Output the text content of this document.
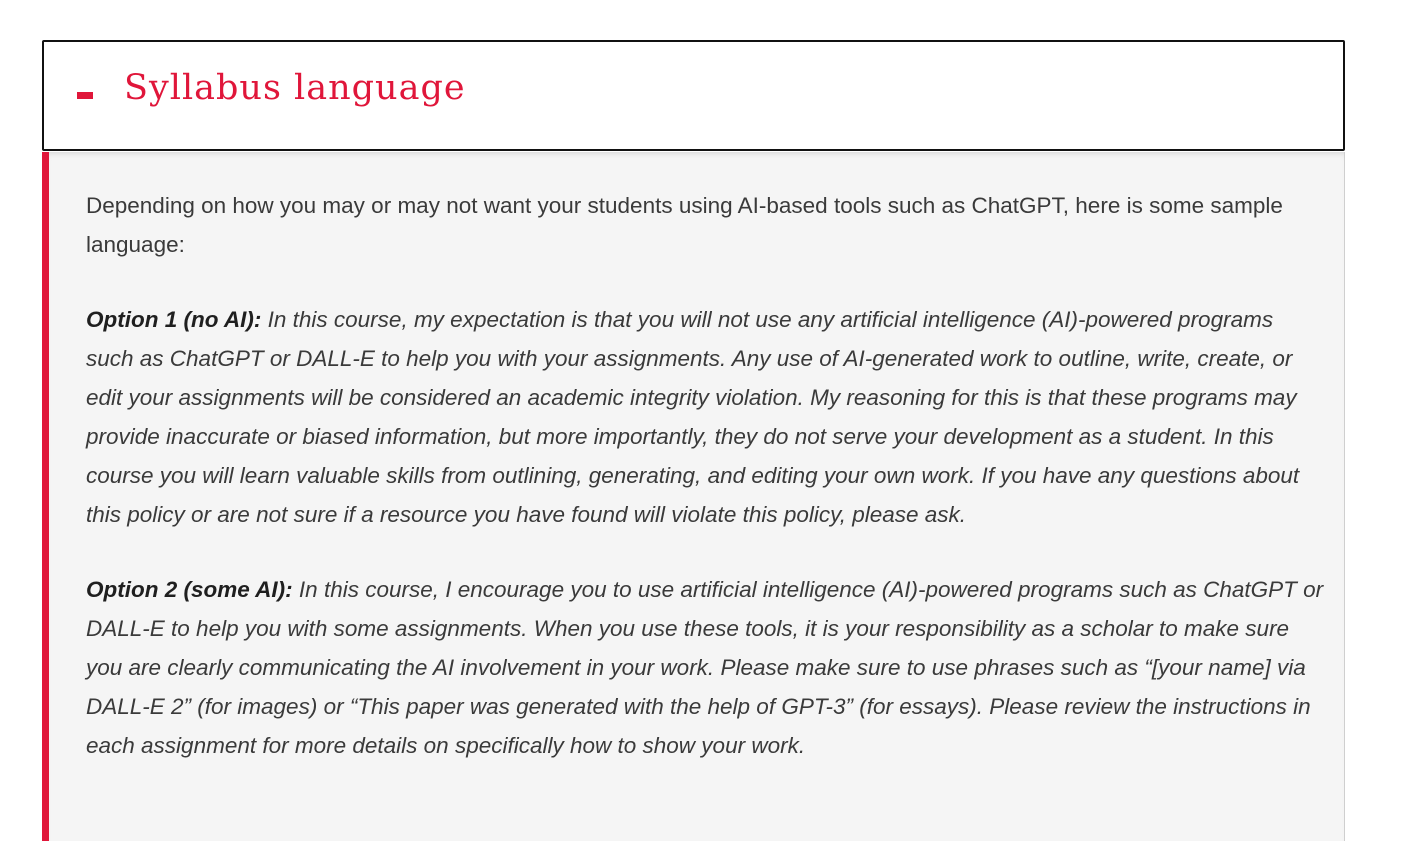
Syllabus language

Depending on how you may or may not want your students using AI-based tools such as ChatGPT, here is some sample language:

Option 1 (no AI): In this course, my expectation is that you will not use any artificial intelligence (AI)-powered programs such as ChatGPT or DALL-E to help you with your assignments. Any use of AI-generated work to outline, write, create, or edit your assignments will be considered an academic integrity violation. My reasoning for this is that these programs may provide inaccurate or biased information, but more importantly, they do not serve your development as a student. In this course you will learn valuable skills from outlining, generating, and editing your own work. If you have any questions about this policy or are not sure if a resource you have found will violate this policy, please ask.

Option 2 (some AI): In this course, I encourage you to use artificial intelligence (AI)-powered programs such as ChatGPT or DALL-E to help you with some assignments. When you use these tools, it is your responsibility as a scholar to make sure you are clearly communicating the AI involvement in your work. Please make sure to use phrases such as “[your name] via DALL-E 2” (for images) or “This paper was generated with the help of GPT-3” (for essays). Please review the instructions in each assignment for more details on specifically how to show your work.
